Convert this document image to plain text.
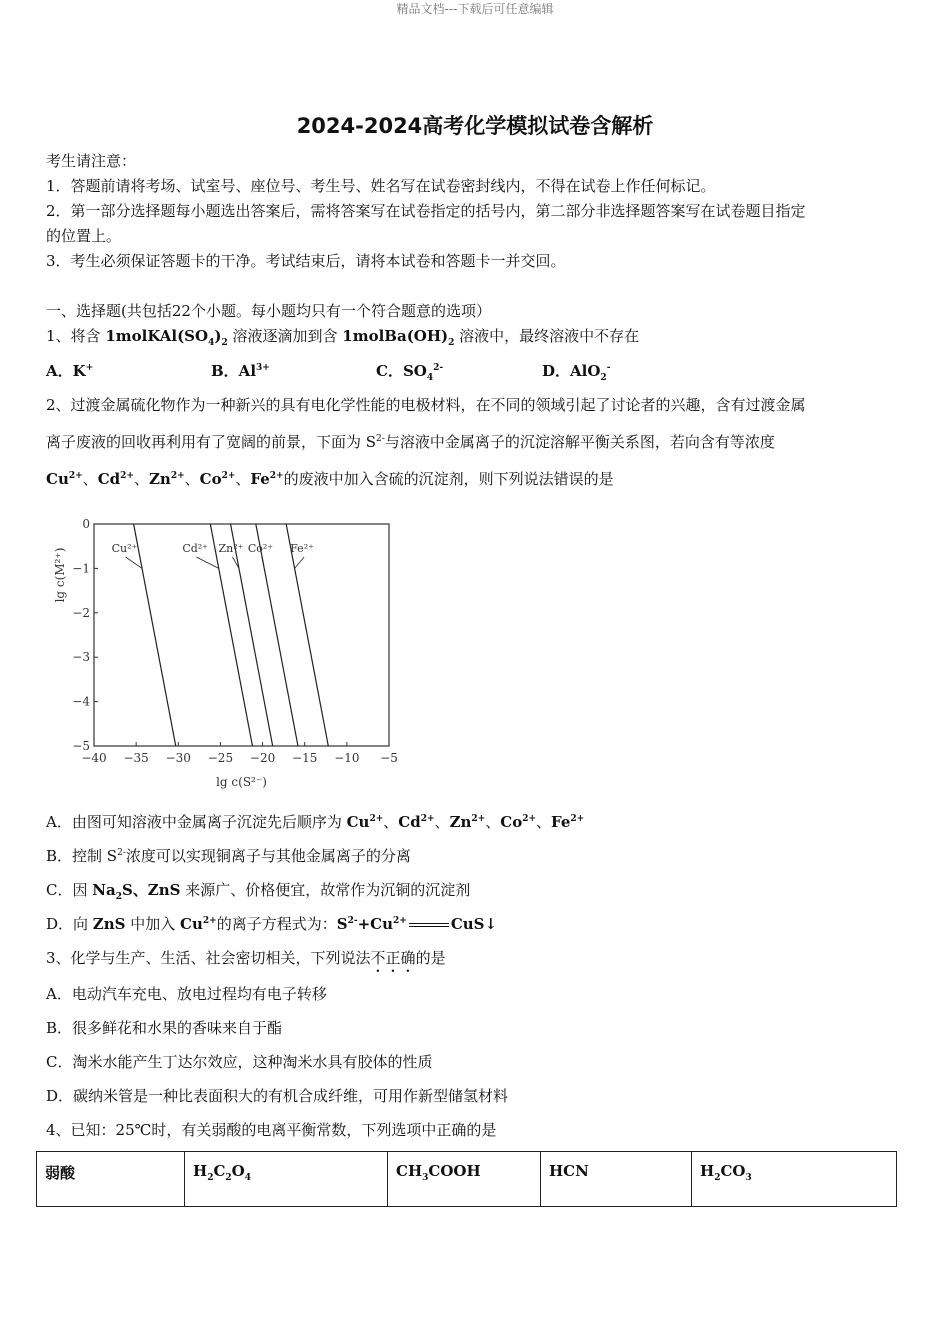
精品文档---下载后可任意编辑
2024-2024高考化学模拟试卷含解析
考生请注意：
1．答题前请将考场、试室号、座位号、考生号、姓名写在试卷密封线内，不得在试卷上作任何标记。
2．第一部分选择题每小题选出答案后，需将答案写在试卷指定的括号内，第二部分非选择题答案写在试卷题目指定
的位置上。
3．考生必须保证答题卡的干净。考试结束后，请将本试卷和答题卡一并交回。
一、选择题(共包括22个小题。每小题均只有一个符合题意的选项）
1、将含 $1molKAl(SO_4)_2$ 溶液逐滴加到含 $1molBa(OH)_2$ 溶液中，最终溶液中不存在
A．K+	B．$Al^{3+}$	C．$SO_4^{2-}$	D．AlO$_2$-
2、过渡金属硫化物作为一种新兴的具有电化学性能的电极材料，在不同的领域引起了讨论者的兴趣，含有过渡金属
离子废液的回收再利用有了宽阔的前景，下面为 $S^{2-}$与溶液中金属离子的沉淀溶解平衡关系图，若向含有等浓度
$Cu^{2+}$、$Cd^{2+}$、$Zn^{2+}$、$Co^{2+}$、$Fe^{2+}$的废液中加入含硫的沉淀剂，则下列说法错误的是
−40 −35 −30 −25 −20 −15 −10 −5
0
−1
−2
−3
−4
−5
lg c(S²⁻)
lg c(M²⁺)	Cu²⁺	Cd²⁺ Zn²⁺ Co²⁺ Fe²⁺
A．由图可知溶液中金属离子沉淀先后顺序为 $Cu^{2+}$、$Cd^{2+}$、$Zn^{2+}$、$Co^{2+}$、$Fe^{2+}$
B．控制 $S^{2-}$浓度可以实现铜离子与其他金属离子的分离
C．因 $Na_2S$、ZnS 来源广、价格便宜，故常作为沉铜的沉淀剂
D．向 ZnS 中加入 $Cu^{2+}$的离子方程式为：$S^{2-}+Cu^{2+}$	CuS↓
3、化学与生产、生活、社会密切相关，下列说法不正确的是
A．电动汽车充电、放电过程均有电子转移
B．很多鲜花和水果的香味来自于酯
C．淘米水能产生丁达尔效应，这种淘米水具有胶体的性质
D．碳纳米管是一种比表面积大的有机合成纤维，可用作新型储氢材料
4、已知：25℃时，有关弱酸的电离平衡常数，下列选项中正确的是
弱酸	$H_2C_2O_4$	$CH_3COOH$	HCN	$H_2CO_3$
